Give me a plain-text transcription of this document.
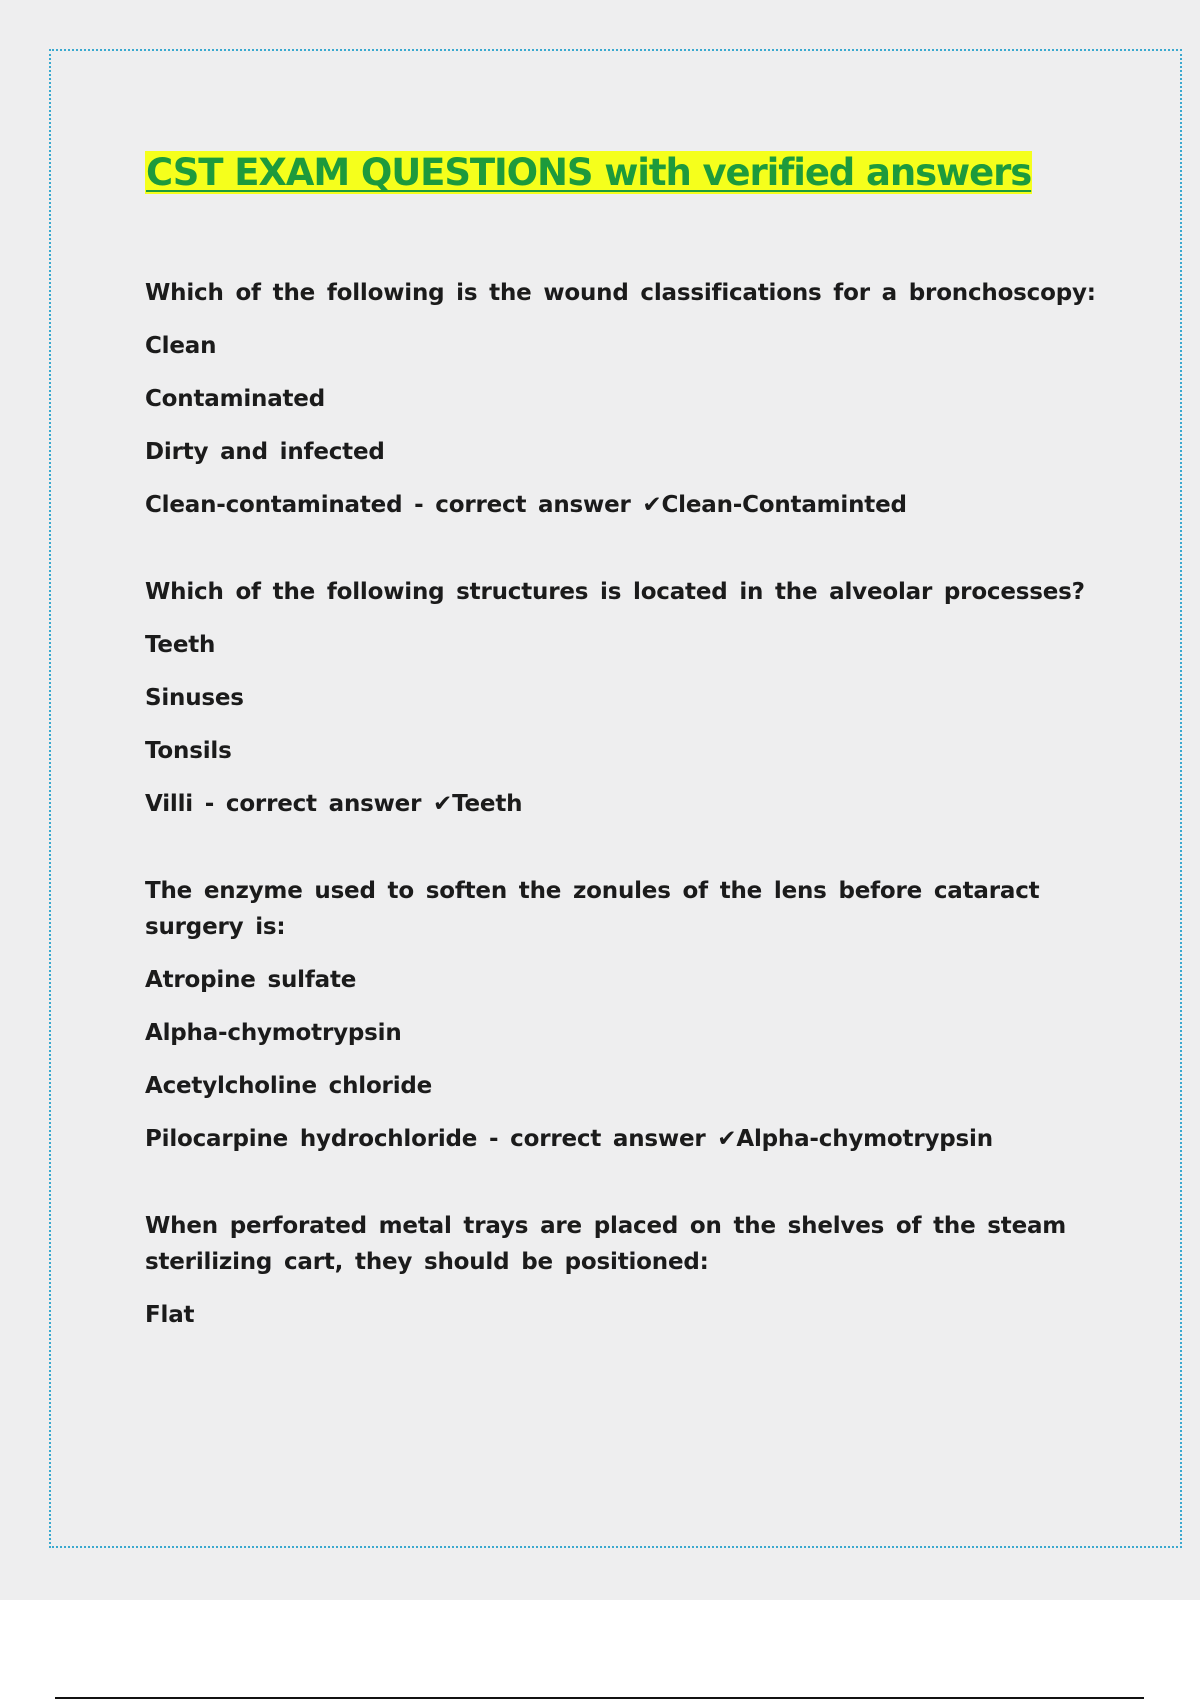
CST EXAM QUESTIONS with verified answers

Which of the following is the wound classifications for a bronchoscopy:

Clean

Contaminated

Dirty and infected

Clean-contaminated - correct answer ✔Clean-Contaminted

Which of the following structures is located in the alveolar processes?

Teeth

Sinuses

Tonsils

Villi - correct answer ✔Teeth

The enzyme used to soften the zonules of the lens before cataract surgery is:

Atropine sulfate

Alpha-chymotrypsin

Acetylcholine chloride

Pilocarpine hydrochloride - correct answer ✔Alpha-chymotrypsin

When perforated metal trays are placed on the shelves of the steam sterilizing cart, they should be positioned:

Flat
